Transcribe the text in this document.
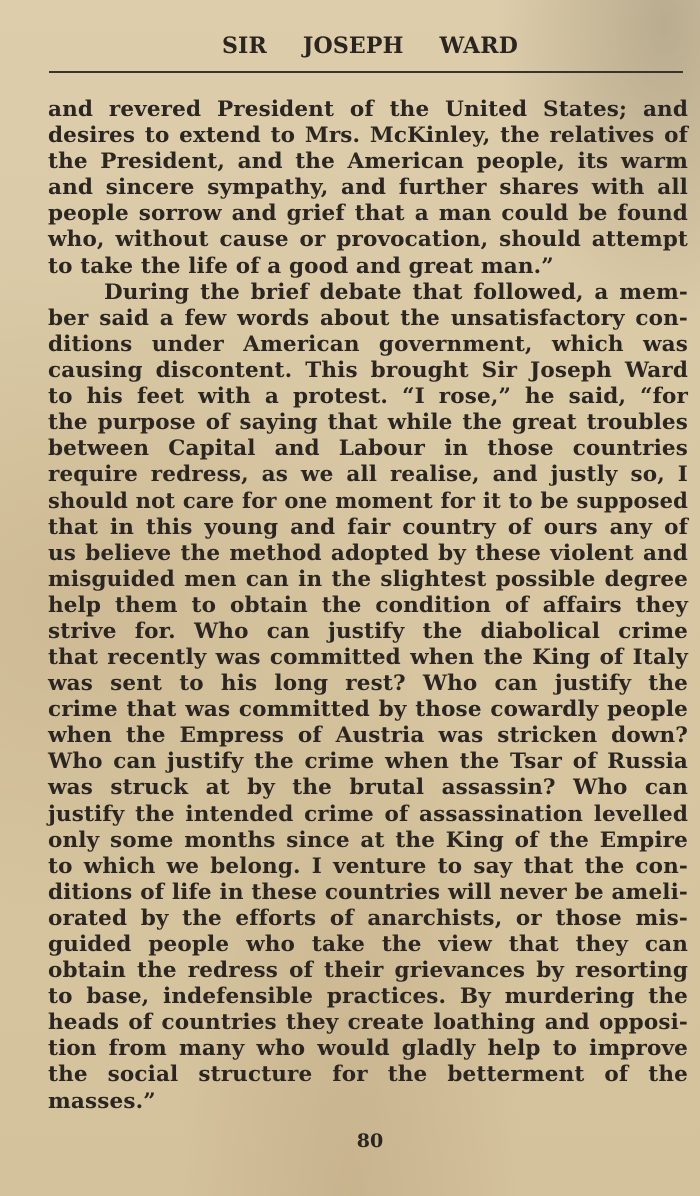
SIR JOSEPH WARD
and revered President of the United States; and
desires to extend to Mrs. McKinley, the relatives of
the President, and the American people, its warm
and sincere sympathy, and further shares with all
people sorrow and grief that a man could be found
who, without cause or provocation, should attempt
to take the life of a good and great man.”
During the brief debate that followed, a mem-
ber said a few words about the unsatisfactory con-
ditions under American government, which was
causing discontent. This brought Sir Joseph Ward
to his feet with a protest. “I rose,” he said, “for
the purpose of saying that while the great troubles
between Capital and Labour in those countries
require redress, as we all realise, and justly so, I
should not care for one moment for it to be supposed
that in this young and fair country of ours any of
us believe the method adopted by these violent and
misguided men can in the slightest possible degree
help them to obtain the condition of affairs they
strive for. Who can justify the diabolical crime
that recently was committed when the King of Italy
was sent to his long rest? Who can justify the
crime that was committed by those cowardly people
when the Empress of Austria was stricken down?
Who can justify the crime when the Tsar of Russia
was struck at by the brutal assassin? Who can
justify the intended crime of assassination levelled
only some months since at the King of the Empire
to which we belong. I venture to say that the con-
ditions of life in these countries will never be ameli-
orated by the efforts of anarchists, or those mis-
guided people who take the view that they can
obtain the redress of their grievances by resorting
to base, indefensible practices. By murdering the
heads of countries they create loathing and opposi-
tion from many who would gladly help to improve
the social structure for the betterment of the
masses.”
80
